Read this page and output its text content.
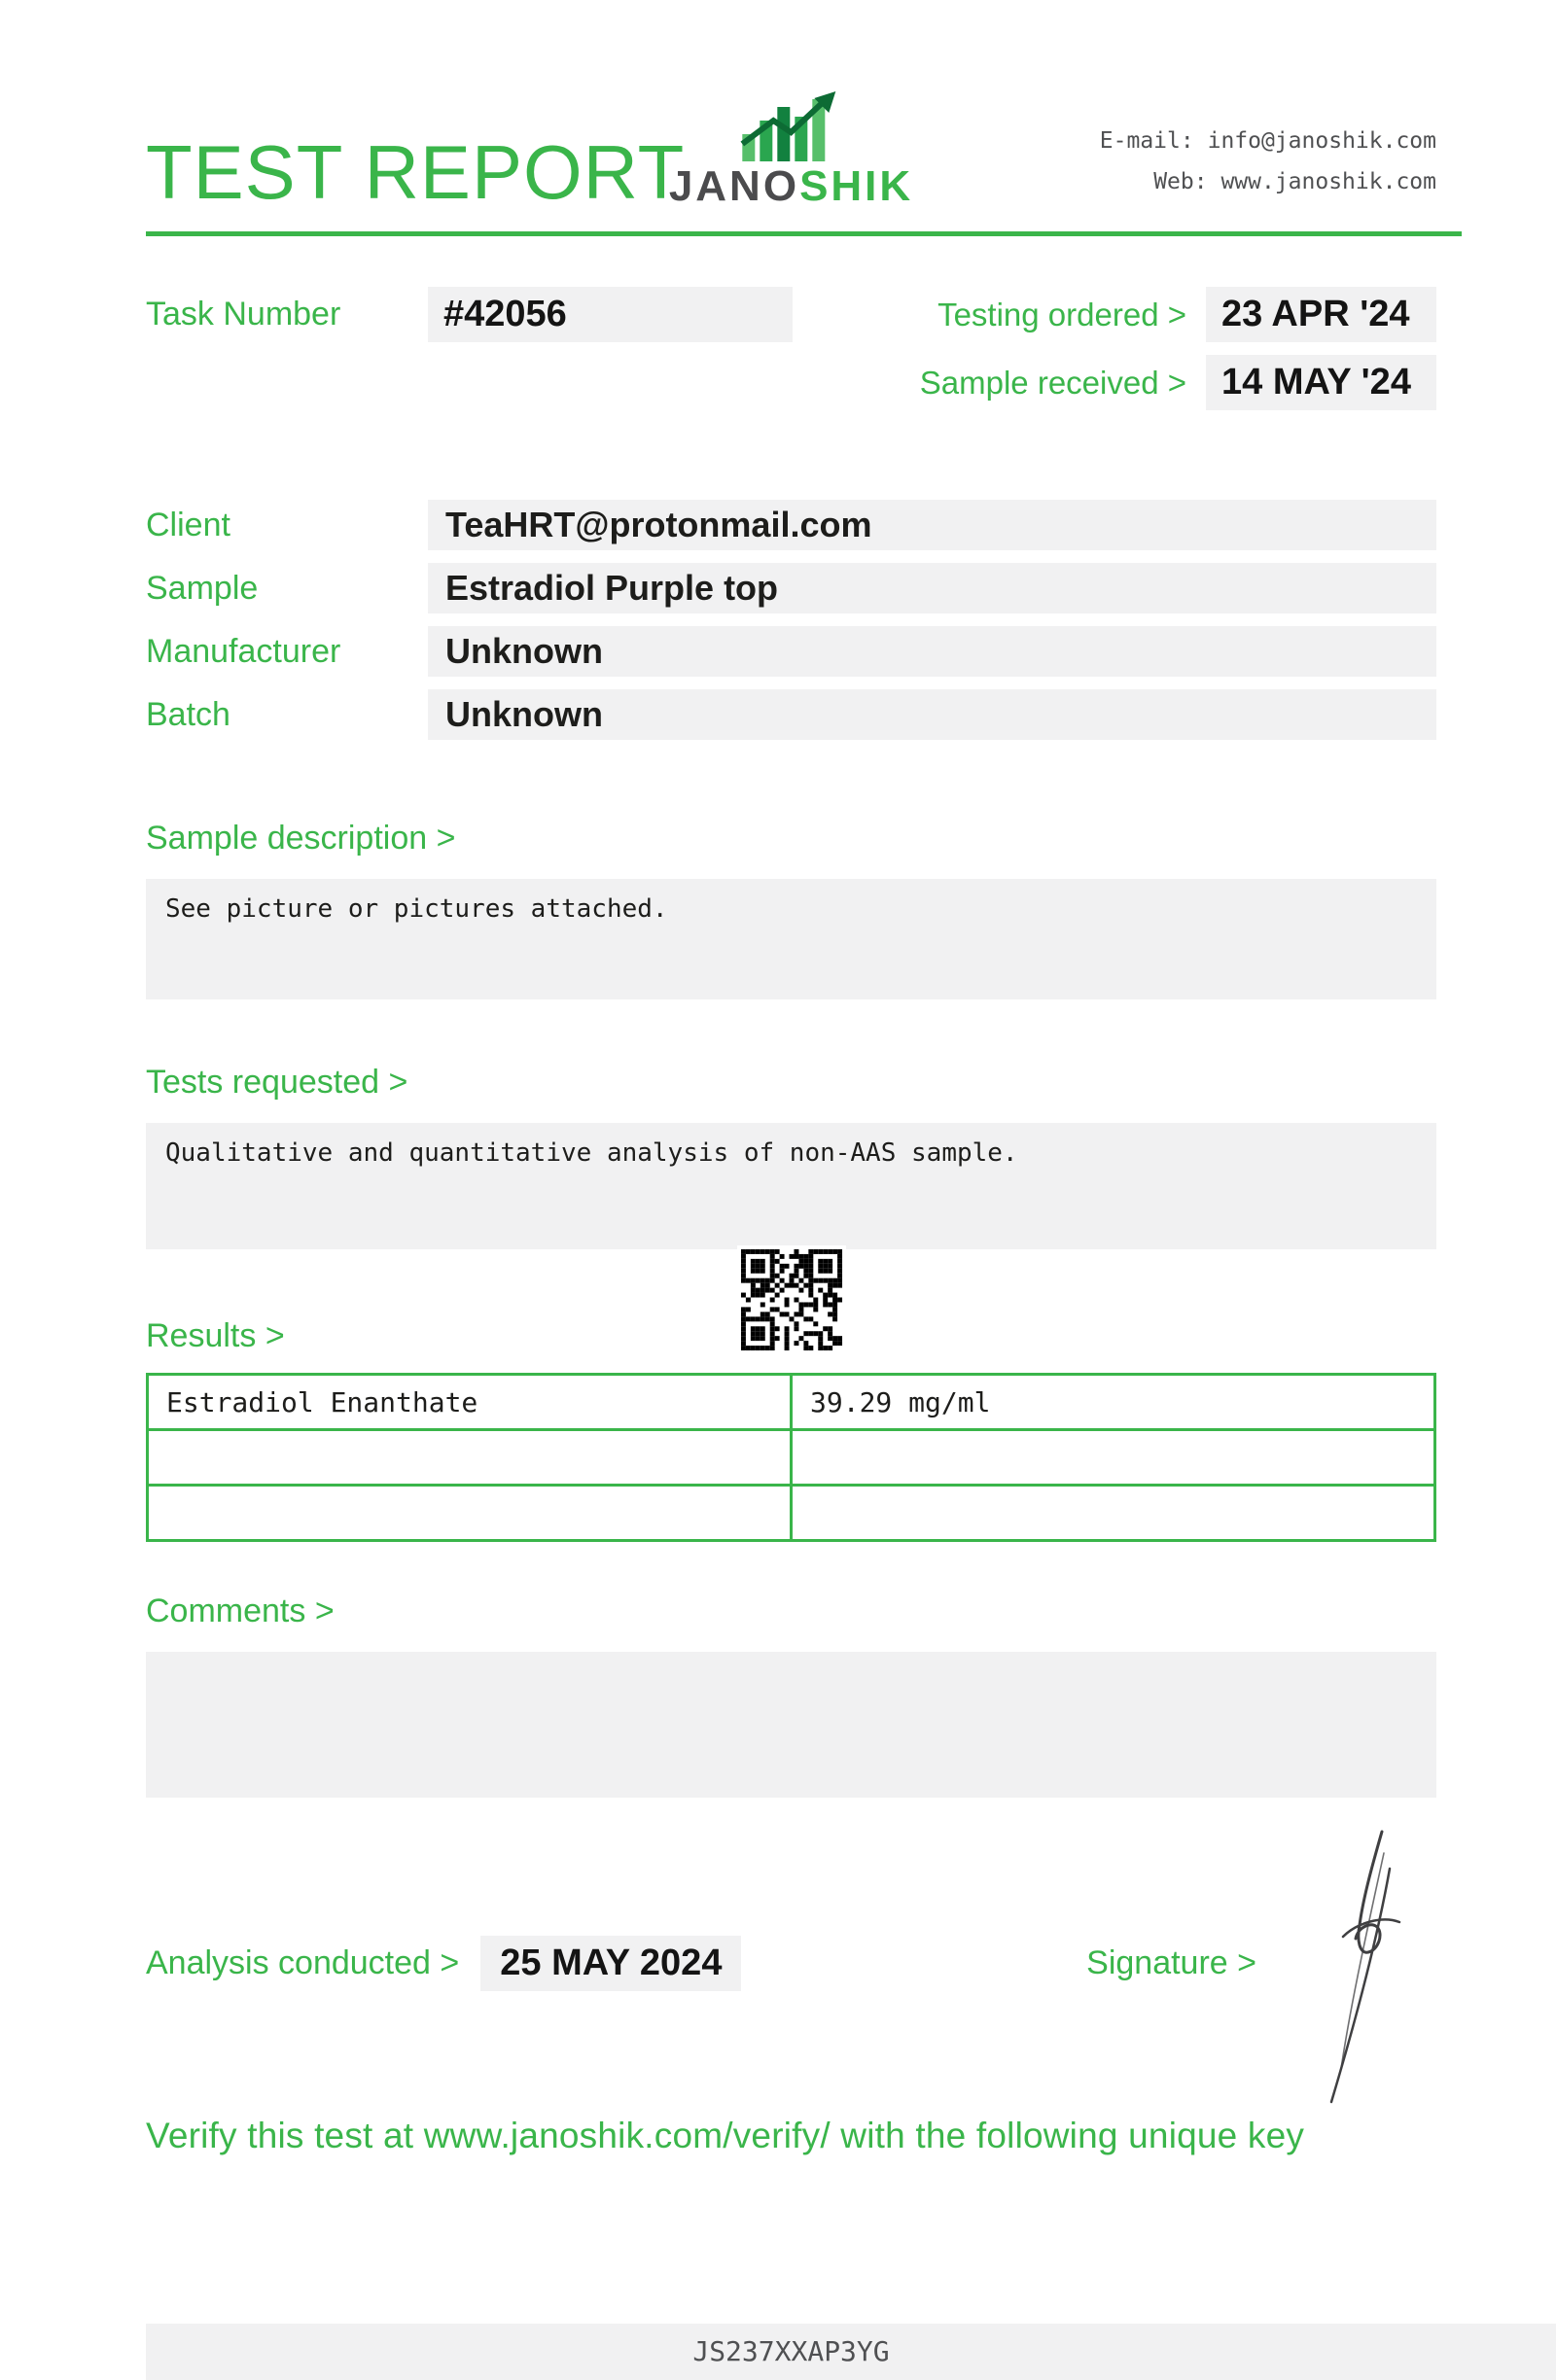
TEST REPORT
JANOSHIK
E-mail: info@janoshik.com
Web: www.janoshik.com
Task Number	#42056	Testing ordered > 23 APR '24
Sample received > 14 MAY '24
Client	TeaHRT@protonmail.com
Sample	Estradiol Purple top
Manufacturer	Unknown
Batch	Unknown
Sample description >
See picture or pictures attached.
Tests requested >
Qualitative and quantitative analysis of non-AAS sample.
Results >
Estradiol Enanthate	39.29 mg/ml

Comments >
Analysis conducted >	25 MAY 2024	Signature >
Verify this test at www.janoshik.com/verify/ with the following unique key
JS237XXAP3YG
